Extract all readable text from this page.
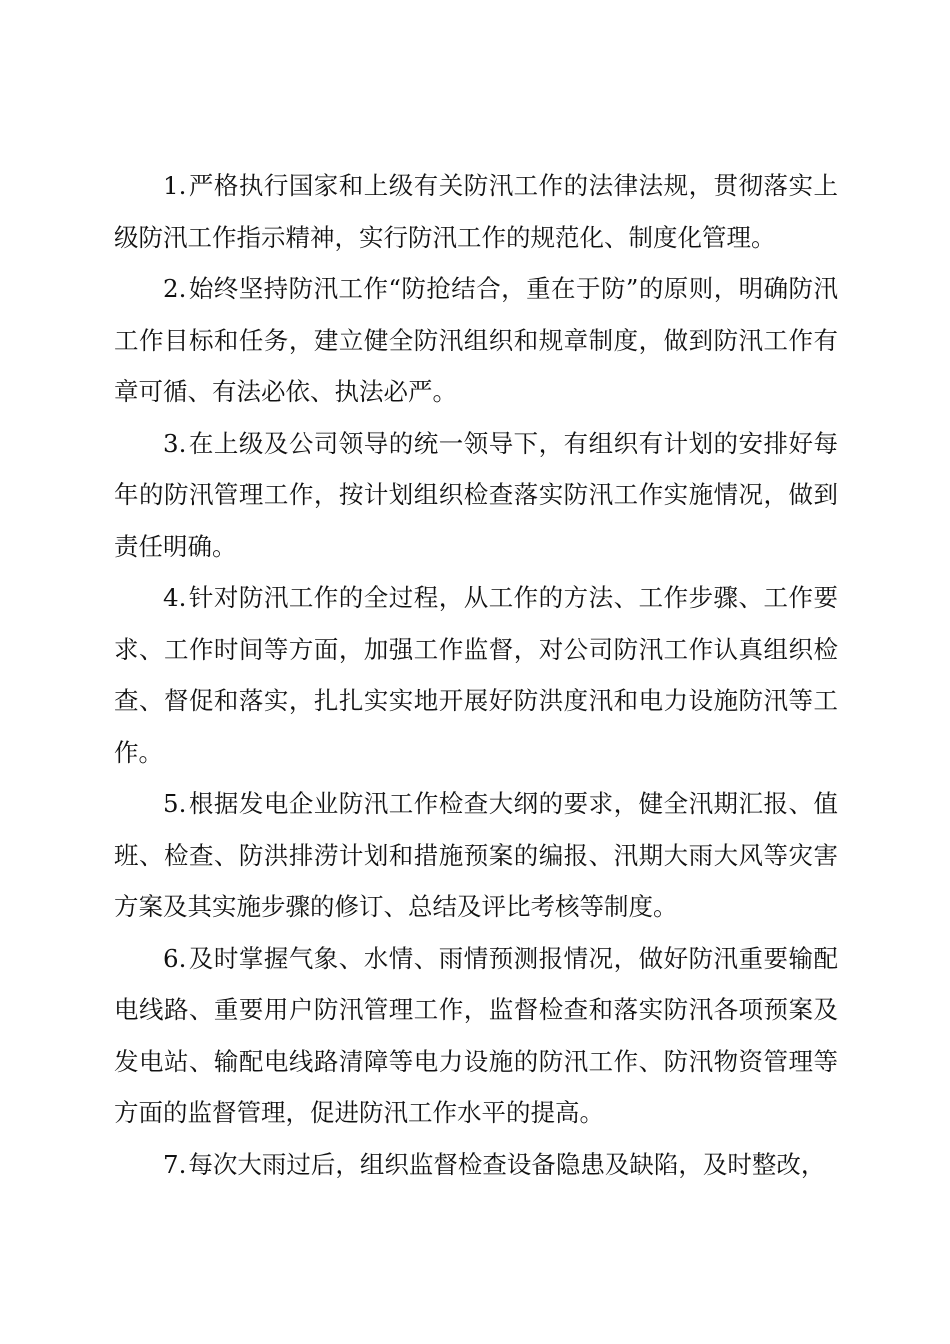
1.严格执行国家和上级有关防汛工作的法律法规，贯彻落实上级防汛工作指示精神，实行防汛工作的规范化、制度化管理。

2.始终坚持防汛工作“防抢结合，重在于防”的原则，明确防汛工作目标和任务，建立健全防汛组织和规章制度，做到防汛工作有章可循、有法必依、执法必严。

3.在上级及公司领导的统一领导下，有组织有计划的安排好每年的防汛管理工作，按计划组织检查落实防汛工作实施情况，做到责任明确。

4.针对防汛工作的全过程，从工作的方法、工作步骤、工作要求、工作时间等方面，加强工作监督，对公司防汛工作认真组织检查、督促和落实，扎扎实实地开展好防洪度汛和电力设施防汛等工作。

5.根据发电企业防汛工作检查大纲的要求，健全汛期汇报、值班、检查、防洪排涝计划和措施预案的编报、汛期大雨大风等灾害方案及其实施步骤的修订、总结及评比考核等制度。

6.及时掌握气象、水情、雨情预测报情况，做好防汛重要输配电线路、重要用户防汛管理工作，监督检查和落实防汛各项预案及发电站、输配电线路清障等电力设施的防汛工作、防汛物资管理等方面的监督管理，促进防汛工作水平的提高。

7.每次大雨过后，组织监督检查设备隐患及缺陷，及时整改，
